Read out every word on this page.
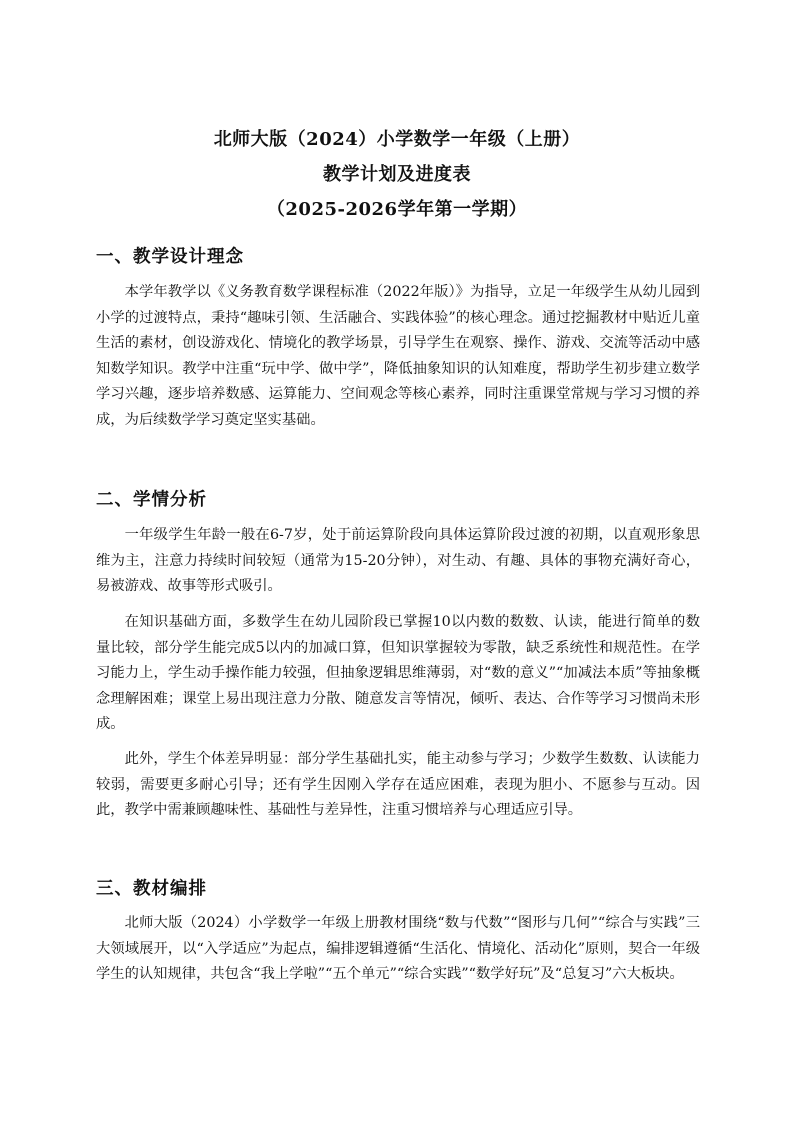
北师大版（2024）小学数学一年级（上册）
教学计划及进度表
（2025-2026学年第一学期）
一、教学设计理念

本学年教学以《义务教育数学课程标准（2022年版）》为指导，立足一年级学生从幼儿园到小学的过渡特点，秉持“趣味引领、生活融合、实践体验”的核心理念。通过挖掘教材中贴近儿童生活的素材，创设游戏化、情境化的教学场景，引导学生在观察、操作、游戏、交流等活动中感知数学知识。教学中注重“玩中学、做中学”，降低抽象知识的认知难度，帮助学生初步建立数学学习兴趣，逐步培养数感、运算能力、空间观念等核心素养，同时注重课堂常规与学习习惯的养成，为后续数学学习奠定坚实基础。

二、学情分析

一年级学生年龄一般在6-7岁，处于前运算阶段向具体运算阶段过渡的初期，以直观形象思维为主，注意力持续时间较短（通常为15-20分钟），对生动、有趣、具体的事物充满好奇心，易被游戏、故事等形式吸引。

在知识基础方面，多数学生在幼儿园阶段已掌握10以内数的数数、认读，能进行简单的数量比较，部分学生能完成5以内的加减口算，但知识掌握较为零散，缺乏系统性和规范性。在学习能力上，学生动手操作能力较强，但抽象逻辑思维薄弱，对“数的意义”“加减法本质”等抽象概念理解困难；课堂上易出现注意力分散、随意发言等情况，倾听、表达、合作等学习习惯尚未形成。

此外，学生个体差异明显：部分学生基础扎实，能主动参与学习；少数学生数数、认读能力较弱，需要更多耐心引导；还有学生因刚入学存在适应困难，表现为胆小、不愿参与互动。因此，教学中需兼顾趣味性、基础性与差异性，注重习惯培养与心理适应引导。

三、教材编排

北师大版（2024）小学数学一年级上册教材围绕“数与代数”“图形与几何”“综合与实践”三大领域展开，以“入学适应”为起点，编排逻辑遵循“生活化、情境化、活动化”原则，契合一年级学生的认知规律，共包含“我上学啦”“五个单元”“综合实践”“数学好玩”及“总复习”六大板块。
